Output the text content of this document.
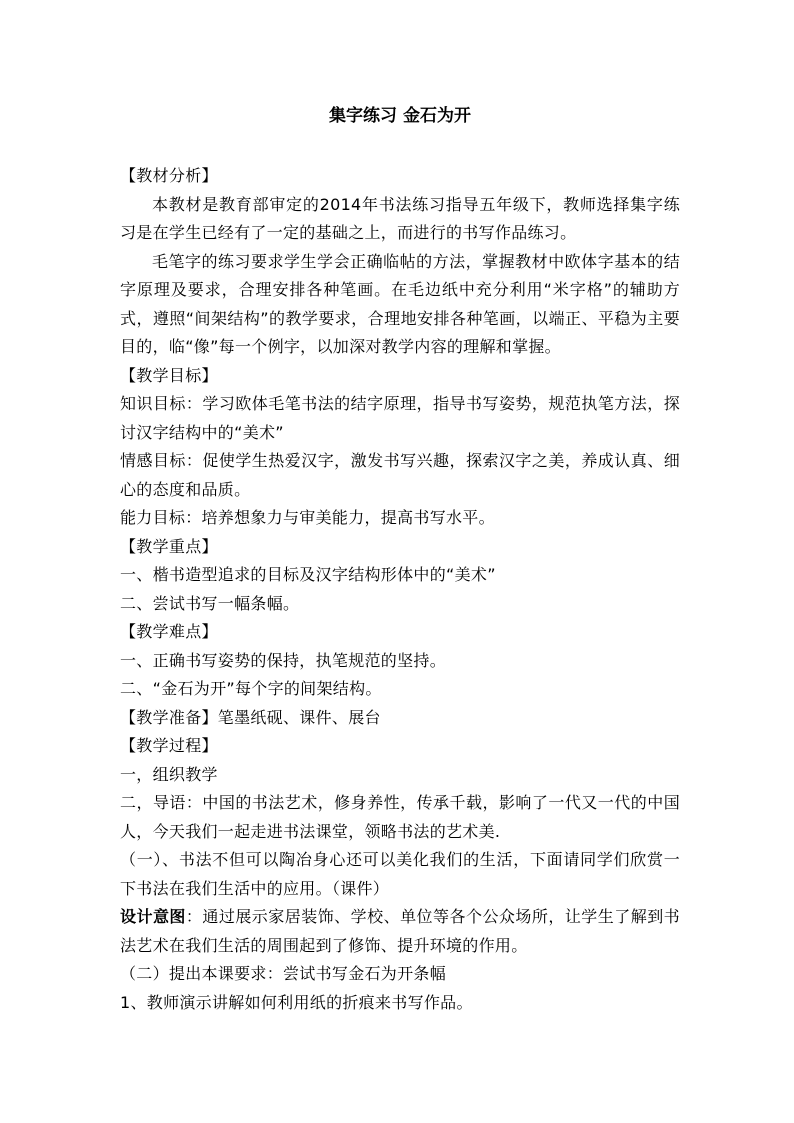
集字练习 金石为开

【教材分析】

本教材是教育部审定的2014年书法练习指导五年级下，教师选择集字练习是在学生已经有了一定的基础之上，而进行的书写作品练习。

毛笔字的练习要求学生学会正确临帖的方法，掌握教材中欧体字基本的结字原理及要求，合理安排各种笔画。在毛边纸中充分利用“米字格”的辅助方式，遵照“间架结构”的教学要求，合理地安排各种笔画，以端正、平稳为主要目的，临“像”每一个例字，以加深对教学内容的理解和掌握。

【教学目标】

知识目标：学习欧体毛笔书法的结字原理，指导书写姿势，规范执笔方法，探讨汉字结构中的“美术”

情感目标：促使学生热爱汉字，激发书写兴趣，探索汉字之美，养成认真、细心的态度和品质。

能力目标：培养想象力与审美能力，提高书写水平。

【教学重点】

一、楷书造型追求的目标及汉字结构形体中的“美术”

二、尝试书写一幅条幅。

【教学难点】

一、正确书写姿势的保持，执笔规范的坚持。

二、“金石为开”每个字的间架结构。

【教学准备】笔墨纸砚、课件、展台

【教学过程】

一，组织教学

二，导语：中国的书法艺术，修身养性，传承千载，影响了一代又一代的中国人，今天我们一起走进书法课堂，领略书法的艺术美.

（一）、书法不但可以陶冶身心还可以美化我们的生活，下面请同学们欣赏一下书法在我们生活中的应用。（课件）

设计意图：通过展示家居装饰、学校、单位等各个公众场所，让学生了解到书法艺术在我们生活的周围起到了修饰、提升环境的作用。

（二）提出本课要求：尝试书写金石为开条幅

1、教师演示讲解如何利用纸的折痕来书写作品。
